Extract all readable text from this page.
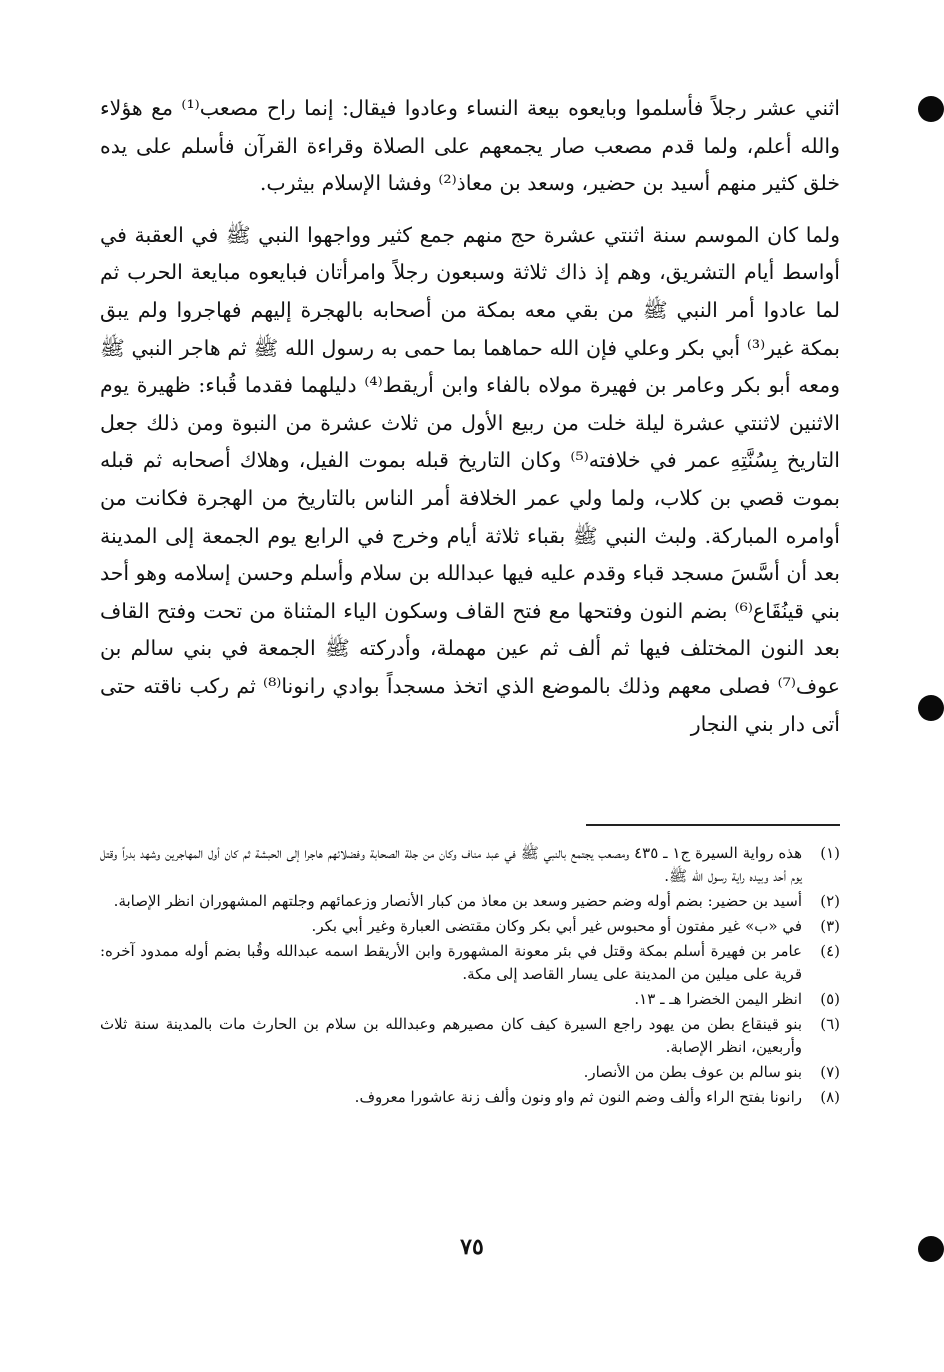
اثني عشر رجلاً فأسلموا وبايعوه بيعة النساء وعادوا فيقال: إنما راح مصعب⁽¹⁾ مع هؤلاء والله أعلم، ولما قدم مصعب صار يجمعهم على الصلاة وقراءة القرآن فأسلم على يده خلق كثير منهم أسيد بن حضير، وسعد بن معاذ⁽²⁾ وفشا الإسلام بيثرب.

ولما كان الموسم سنة اثنتي عشرة حج منهم جمع كثير وواجهوا النبي ﷺ في العقبة في أواسط أيام التشريق، وهم إذ ذاك ثلاثة وسبعون رجلاً وامرأتان فبايعوه مبايعة الحرب ثم لما عادوا أمر النبي ﷺ من بقي معه بمكة من أصحابه بالهجرة إليهم فهاجروا ولم يبق بمكة غير⁽³⁾ أبي بكر وعلي فإن الله حماهما بما حمى به رسول الله ﷺ ثم هاجر النبي ﷺ ومعه أبو بكر وعامر بن فهيرة مولاه بالفاء وابن أريقط⁽⁴⁾ دليلهما فقدما قُباء: ظهيرة يوم الاثنين لاثنتي عشرة ليلة خلت من ربيع الأول من ثلاث عشرة من النبوة ومن ذلك جعل التاريخ بِسُنَّتِهِ عمر في خلافته⁽⁵⁾ وكان التاريخ قبله بموت الفيل، وهلاك أصحابه ثم قبله بموت قصي بن كلاب، ولما ولي عمر الخلافة أمر الناس بالتاريخ من الهجرة فكانت من أوامره المباركة. ولبث النبي ﷺ بقباء ثلاثة أيام وخرج في الرابع يوم الجمعة إلى المدينة بعد أن أسَّسَ مسجد قباء وقدم عليه فيها عبدالله بن سلام وأسلم وحسن إسلامه وهو أحد بني قينُقَاع⁽⁶⁾ بضم النون وفتحها مع فتح القاف وسكون الياء المثناة من تحت وفتح القاف بعد النون المختلف فيها ثم ألف ثم عين مهملة، وأدركته ﷺ الجمعة في بني سالم بن عوف⁽⁷⁾ فصلى معهم وذلك بالموضع الذي اتخذ مسجداً بوادي رانونا⁽⁸⁾ ثم ركب ناقته حتى أتى دار بني النجار

(١)
هذه رواية السيرة ج١ ـ ٤٣٥ ومصعب يجتمع بالنبي ﷺ في عبد مناف وكان من جلة الصحابة وفضلائهم هاجرا إلى الحبشة ثم كان أول المهاجرين وشهد بدراً وقتل يوم أحد وبيده راية رسول الله ﷺ.
(٢)
أسيد بن حضير: بضم أوله وضم حضير وسعد بن معاذ من كبار الأنصار وزعمائهم وجلتهم المشهوران انظر الإصابة.
(٣)
في «ب» غير مفتون أو محبوس غير أبي بكر وكان مقتضى العبارة وغير أبي بكر.
(٤)
عامر بن فهيرة أسلم بمكة وقتل في بئر معونة المشهورة وابن الأريقط اسمه عبدالله وقُبا بضم أوله ممدود آخره: قرية على ميلين من المدينة على يسار القاصد إلى مكة.
(٥)
انظر اليمن الخضرا هـ ـ ١٣.
(٦)
بنو قينقاع بطن من يهود راجع السيرة كيف كان مصيرهم وعبدالله بن سلام بن الحارث مات بالمدينة سنة ثلاث وأربعين، انظر الإصابة.
(٧)
بنو سالم بن عوف بطن من الأنصار.
(٨)
رانونا بفتح الراء وألف وضم النون ثم واو ونون وألف زنة عاشورا معروف.
٧٥
